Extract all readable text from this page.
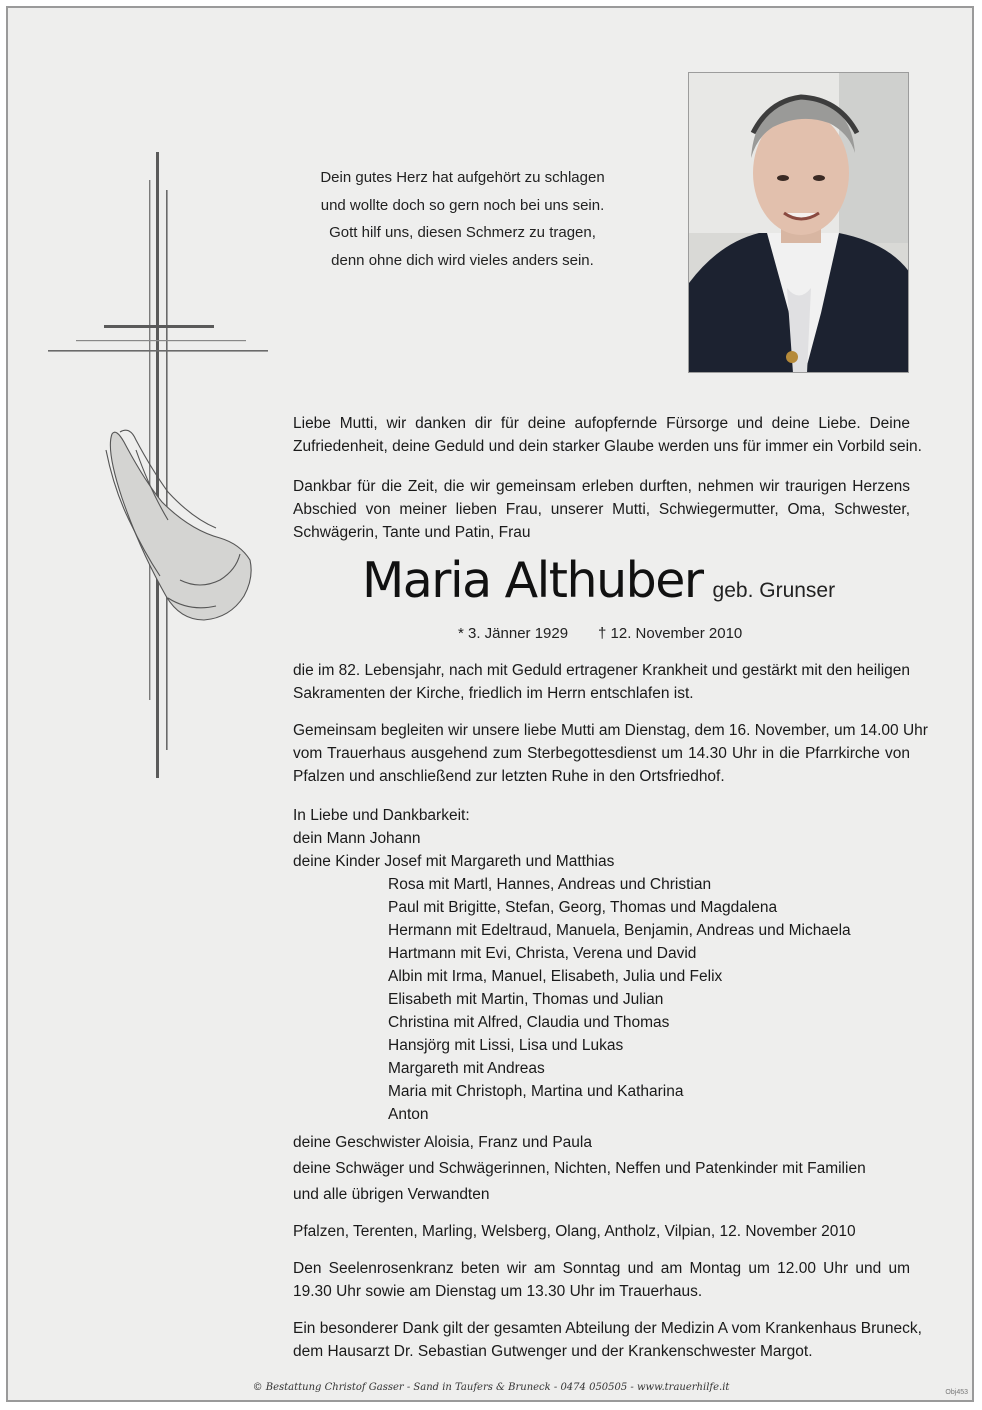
Dein gutes Herz hat aufgehört zu schlagen
und wolltе doch so gern noch bei uns sein.
Gott hilf uns, diesen Schmerz zu tragen,
denn ohne dich wird vieles anders sein.
Liebe Mutti, wir danken dir für deine aufopfernde Fürsorge und deine Liebe. Deine
Zufriedenheit, deine Geduld und dein starker Glaube werden uns für immer ein Vorbild sein.
Dankbar für die Zeit, die wir gemeinsam erleben durften, nehmen wir traurigen Herzens
Abschied von meiner lieben Frau, unserer Mutti, Schwiegermutter, Oma, Schwester,
Schwägerin, Tante und Patin, Frau
Maria Althuber geb. Grunser
* 3. Jänner 1929 † 12. November 2010
die im 82. Lebensjahr, nach mit Geduld ertragener Krankheit und gestärkt mit den heiligen
Sakramenten der Kirche, friedlich im Herrn entschlafen ist.
Gemeinsam begleiten wir unsere liebe Mutti am Dienstag, dem 16. November, um 14.00 Uhr
vom Trauerhaus ausgehend zum Sterbegottesdienst um 14.30 Uhr in die Pfarrkirche von
Pfalzen und anschließend zur letzten Ruhe in den Ortsfriedhof.
In Liebe und Dankbarkeit:
dein Mann Johann
deine Kinder Josef mit Margareth und Matthias
Rosa mit Martl, Hannes, Andreas und Christian
Paul mit Brigitte, Stefan, Georg, Thomas und Magdalena
Hermann mit Edeltraud, Manuela, Benjamin, Andreas und Michaela
Hartmann mit Evi, Christa, Verena und David
Albin mit Irma, Manuel, Elisabeth, Julia und Felix
Elisabeth mit Martin, Thomas und Julian
Christina mit Alfred, Claudia und Thomas
Hansjörg mit Lissi, Lisa und Lukas
Margareth mit Andreas
Maria mit Christoph, Martina und Katharina
Anton
deine Geschwister Aloisia, Franz und Paula
deine Schwäger und Schwägerinnen, Nichten, Neffen und Patenkinder mit Familien
und alle übrigen Verwandten
Pfalzen, Terenten, Marling, Welsberg, Olang, Antholz, Vilpian, 12. November 2010
Den Seelenrosenkranz beten wir am Sonntag und am Montag um 12.00 Uhr und um
19.30 Uhr sowie am Dienstag um 13.30 Uhr im Trauerhaus.
Ein besonderer Dank gilt der gesamten Abteilung der Medizin A vom Krankenhaus Bruneck,
dem Hausarzt Dr. Sebastian Gutwenger und der Krankenschwester Margot.
© Bestattung Christof Gasser - Sand in Taufers & Bruneck - 0474 050505 - www.trauerhilfe.it	Obj453
